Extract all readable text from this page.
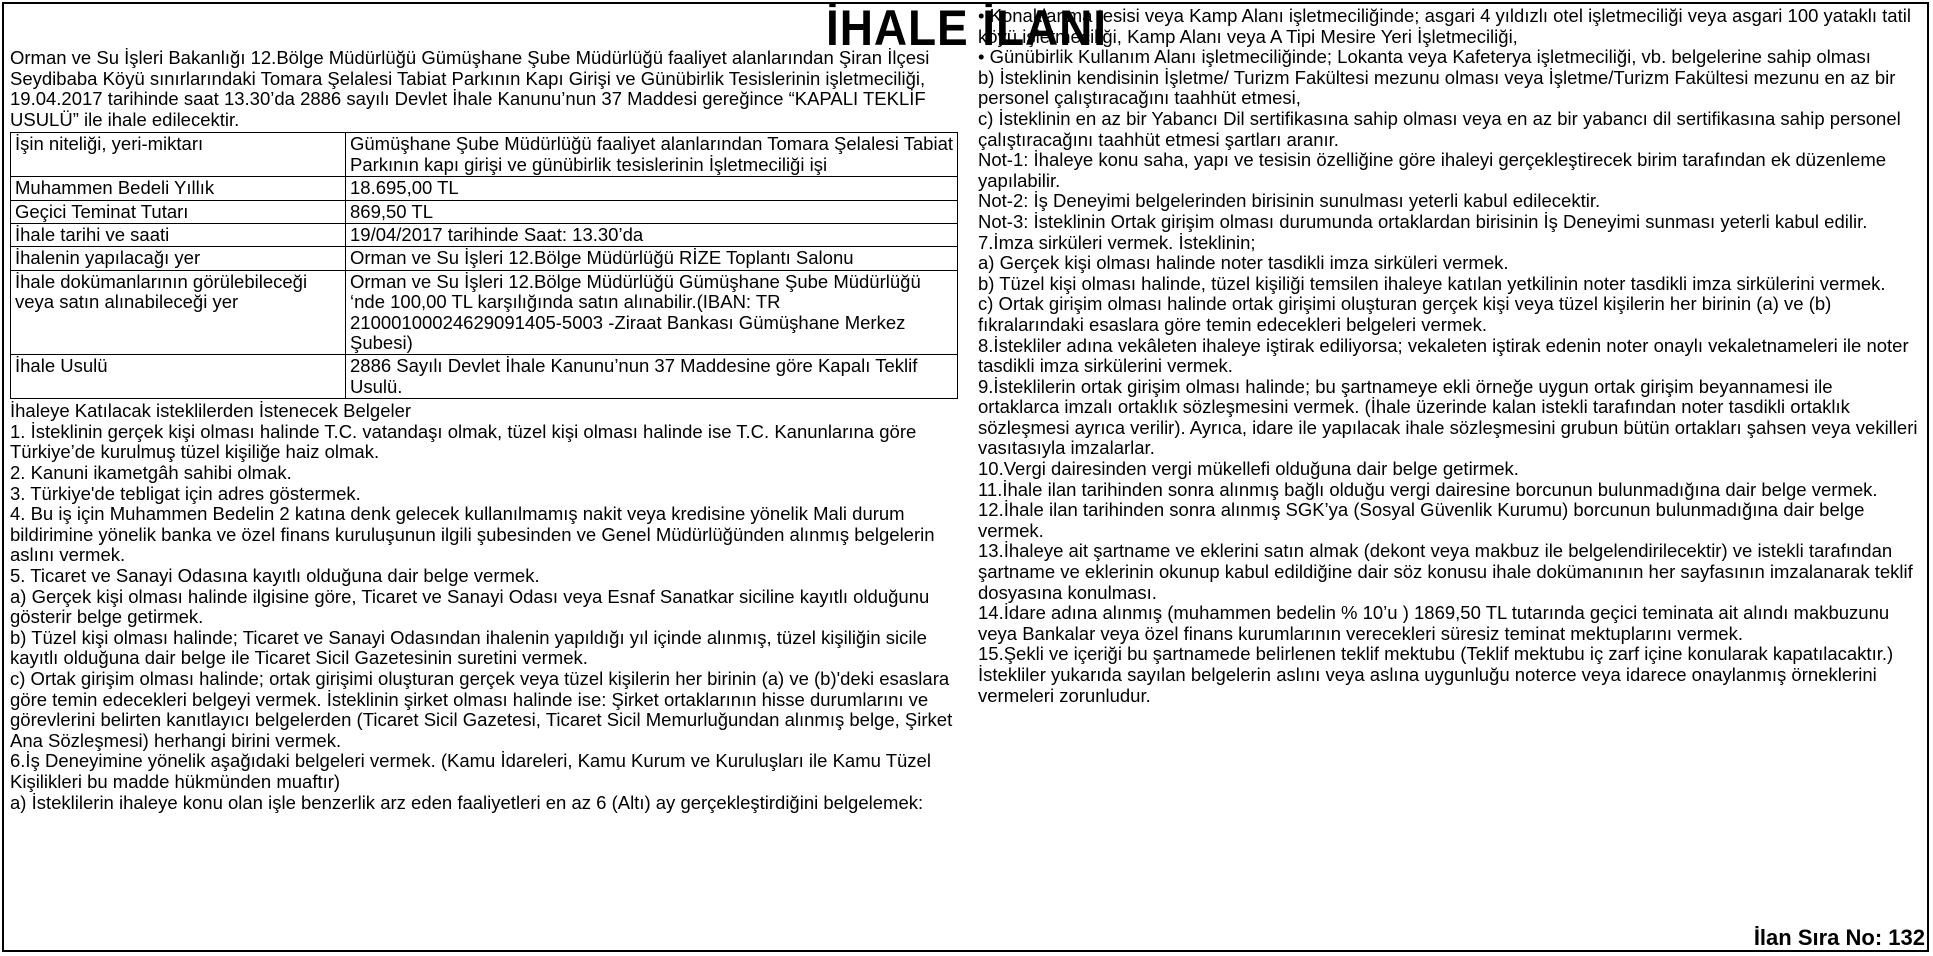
İHALE İLANI

Orman ve Su İşleri Bakanlığı 12.Bölge Müdürlüğü Gümüşhane Şube Müdürlüğü faaliyet alanlarından Şiran İlçesi Seydibaba Köyü sınırlarındaki Tomara Şelalesi Tabiat Parkının Kapı Girişi ve Günübirlik Tesislerinin işletmeciliği, 19.04.2017 tarihinde saat 13.30’da 2886 sayılı Devlet İhale Kanunu’nun 37 Maddesi gereğince “KAPALI TEKLİF USULÜ” ile ihale edilecektir.

İşin niteliği, yeri-miktarı	Gümüşhane Şube Müdürlüğü faaliyet alanlarından Tomara Şelalesi Tabiat Parkının kapı girişi ve günübirlik tesislerinin İşletmeciliği işi
Muhammen Bedeli Yıllık	18.695,00 TL
Geçici Teminat Tutarı	869,50 TL
İhale tarihi ve saati	19/04/2017 tarihinde Saat: 13.30’da
İhalenin yapılacağı yer	Orman ve Su İşleri 12.Bölge Müdürlüğü RİZE Toplantı Salonu
İhale dokümanlarının görülebileceği veya satın alınabileceği yer	Orman ve Su İşleri 12.Bölge Müdürlüğü Gümüşhane Şube Müdürlüğü ‘nde 100,00 TL karşılığında satın alınabilir.(IBAN: TR 21000100024629091405-5003 -Ziraat Bankası Gümüşhane Merkez Şubesi)
İhale Usulü	2886 Sayılı Devlet İhale Kanunu’nun 37 Maddesine göre Kapalı Teklif Usulü.

İhaleye Katılacak isteklilerden İstenecek Belgeler

1. İsteklinin gerçek kişi olması halinde T.C. vatandaşı olmak, tüzel kişi olması halinde ise T.C. Kanunlarına göre Türkiye’de kurulmuş tüzel kişiliğe haiz olmak.

2. Kanuni ikametgâh sahibi olmak.

3. Türkiye'de tebligat için adres göstermek.

4. Bu iş için Muhammen Bedelin 2 katına denk gelecek kullanılmamış nakit veya kredisine yönelik Mali durum bildirimine yönelik banka ve özel finans kuruluşunun ilgili şubesinden ve Genel Müdürlüğünden alınmış belgelerin aslını vermek.

5. Ticaret ve Sanayi Odasına kayıtlı olduğuna dair belge vermek.

a) Gerçek kişi olması halinde ilgisine göre, Ticaret ve Sanayi Odası veya Esnaf Sanatkar siciline kayıtlı olduğunu gösterir belge getirmek.

b) Tüzel kişi olması halinde; Ticaret ve Sanayi Odasından ihalenin yapıldığı yıl içinde alınmış, tüzel kişiliğin sicile kayıtlı olduğuna dair belge ile Ticaret Sicil Gazetesinin suretini vermek.

c) Ortak girişim olması halinde; ortak girişimi oluşturan gerçek veya tüzel kişilerin her birinin (a) ve (b)'deki esaslara göre temin edecekleri belgeyi vermek. İsteklinin şirket olması halinde ise: Şirket ortaklarının hisse durumlarını ve görevlerini belirten kanıtlayıcı belgelerden (Ticaret Sicil Gazetesi, Ticaret Sicil Memurluğundan alınmış belge, Şirket Ana Sözleşmesi) herhangi birini vermek.

6.İş Deneyimine yönelik aşağıdaki belgeleri vermek. (Kamu İdareleri, Kamu Kurum ve Kuruluşları ile Kamu Tüzel Kişilikleri bu madde hükmünden muaftır)

a) İsteklilerin ihaleye konu olan işle benzerlik arz eden faaliyetleri en az 6 (Altı) ay gerçekleştirdiğini belgelemek:

• Konaklanma tesisi veya Kamp Alanı işletmeciliğinde; asgari 4 yıldızlı otel işletmeciliği veya asgari 100 yataklı tatil köyü işletmeciliği, Kamp Alanı veya A Tipi Mesire Yeri İşletmeciliği,

• Günübirlik Kullanım Alanı işletmeciliğinde; Lokanta veya Kafeterya işletmeciliği, vb. belgelerine sahip olması

b) İsteklinin kendisinin İşletme/ Turizm Fakültesi mezunu olması veya İşletme/Turizm Fakültesi mezunu en az bir personel çalıştıracağını taahhüt etmesi,

c) İsteklinin en az bir Yabancı Dil sertifikasına sahip olması veya en az bir yabancı dil sertifikasına sahip personel çalıştıracağını taahhüt etmesi şartları aranır.

Not-1: İhaleye konu saha, yapı ve tesisin özelliğine göre ihaleyi gerçekleştirecek birim tarafından ek düzenleme yapılabilir.

Not-2: İş Deneyimi belgelerinden birisinin sunulması yeterli kabul edilecektir.

Not-3: İsteklinin Ortak girişim olması durumunda ortaklardan birisinin İş Deneyimi sunması yeterli kabul edilir.

7.İmza sirküleri vermek. İsteklinin;

a) Gerçek kişi olması halinde noter tasdikli imza sirküleri vermek.

b) Tüzel kişi olması halinde, tüzel kişiliği temsilen ihaleye katılan yetkilinin noter tasdikli imza sirkülerini vermek.

c) Ortak girişim olması halinde ortak girişimi oluşturan gerçek kişi veya tüzel kişilerin her birinin (a) ve (b) fıkralarındaki esaslara göre temin edecekleri belgeleri vermek.

8.İstekliler adına vekâleten ihaleye iştirak ediliyorsa; vekaleten iştirak edenin noter onaylı vekaletnameleri ile noter tasdikli imza sirkülerini vermek.

9.İsteklilerin ortak girişim olması halinde; bu şartnameye ekli örneğe uygun ortak girişim beyannamesi ile ortaklarca imzalı ortaklık sözleşmesini vermek. (İhale üzerinde kalan istekli tarafından noter tasdikli ortaklık sözleşmesi ayrıca verilir). Ayrıca, idare ile yapılacak ihale sözleşmesini grubun bütün ortakları şahsen veya vekilleri vasıtasıyla imzalarlar.

10.Vergi dairesinden vergi mükellefi olduğuna dair belge getirmek.

11.İhale ilan tarihinden sonra alınmış bağlı olduğu vergi dairesine borcunun bulunmadığına dair belge vermek.

12.İhale ilan tarihinden sonra alınmış SGK’ya (Sosyal Güvenlik Kurumu) borcunun bulunmadığına dair belge vermek.

13.İhaleye ait şartname ve eklerini satın almak (dekont veya makbuz ile belgelendirilecektir) ve istekli tarafından şartname ve eklerinin okunup kabul edildiğine dair söz konusu ihale dokümanının her sayfasının imzalanarak teklif dosyasına konulması.

14.İdare adına alınmış (muhammen bedelin % 10’u ) 1869,50 TL tutarında geçici teminata ait alındı makbuzunu veya Bankalar veya özel finans kurumlarının verecekleri süresiz teminat mektuplarını vermek.

15.Şekli ve içeriği bu şartnamede belirlenen teklif mektubu (Teklif mektubu iç zarf içine konularak kapatılacaktır.)

İstekliler yukarıda sayılan belgelerin aslını veya aslına uygunluğu noterce veya idarece onaylanmış örneklerini vermeleri zorunludur.

İlan Sıra No: 132
